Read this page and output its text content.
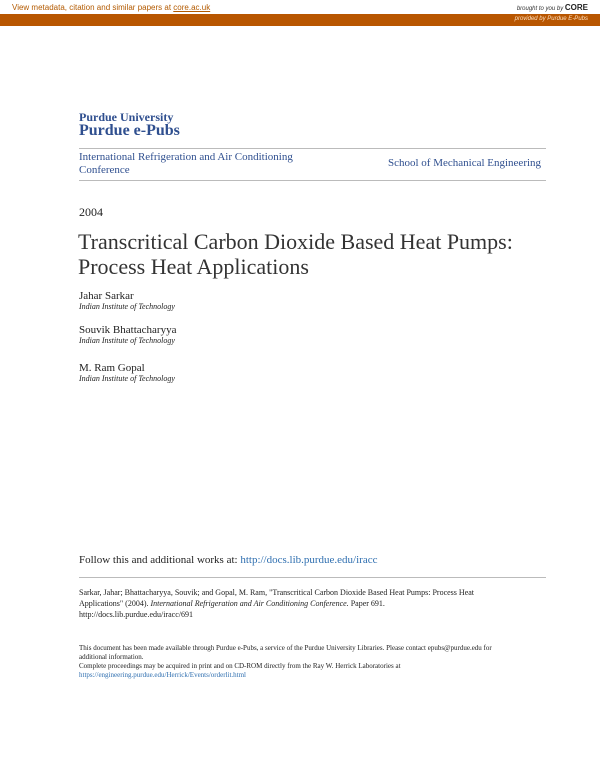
View metadata, citation and similar papers at core.ac.uk	brought to you by CORE
provided by Purdue E-Pubs
Purdue University
Purdue e-Pubs
International Refrigeration and Air Conditioning Conference
School of Mechanical Engineering
2004
Transcritical Carbon Dioxide Based Heat Pumps:
Process Heat Applications
Jahar Sarkar
Indian Institute of Technology
Souvik Bhattacharyya
Indian Institute of Technology
M. Ram Gopal
Indian Institute of Technology
Follow this and additional works at: http://docs.lib.purdue.edu/iracc
Sarkar, Jahar; Bhattacharyya, Souvik; and Gopal, M. Ram, "Transcritical Carbon Dioxide Based Heat Pumps: Process Heat Applications" (2004). International Refrigeration and Air Conditioning Conference. Paper 691.
http://docs.lib.purdue.edu/iracc/691
This document has been made available through Purdue e-Pubs, a service of the Purdue University Libraries. Please contact epubs@purdue.edu for additional information.
Complete proceedings may be acquired in print and on CD-ROM directly from the Ray W. Herrick Laboratories at https://engineering.purdue.edu/Herrick/Events/orderlit.html
